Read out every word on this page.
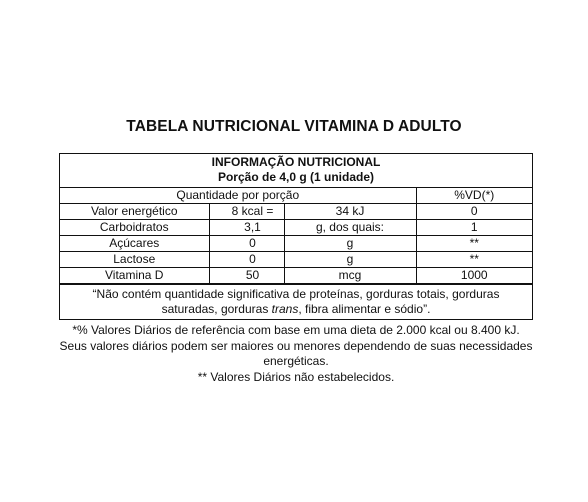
TABELA NUTRICIONAL VITAMINA D ADULTO
INFORMAÇÃO NUTRICIONAL
Porção de 4,0 g (1 unidade)
Quantidade por porção			%VD(*)
Valor energético	8 kcal =	34 kJ	0
Carboidratos	3,1	g, dos quais:	1
Açúcares	0	g	**
Lactose	0	g	**
Vitamina D	50	mcg	1000
“Não contém quantidade significativa de proteínas, gorduras totais, gorduras saturadas, gorduras trans, fibra alimentar e sódio”.

*% Valores Diários de referência com base em uma dieta de 2.000 kcal ou 8.400 kJ.

Seus valores diários podem ser maiores ou menores dependendo de suas necessidades energéticas.

** Valores Diários não estabelecidos.
